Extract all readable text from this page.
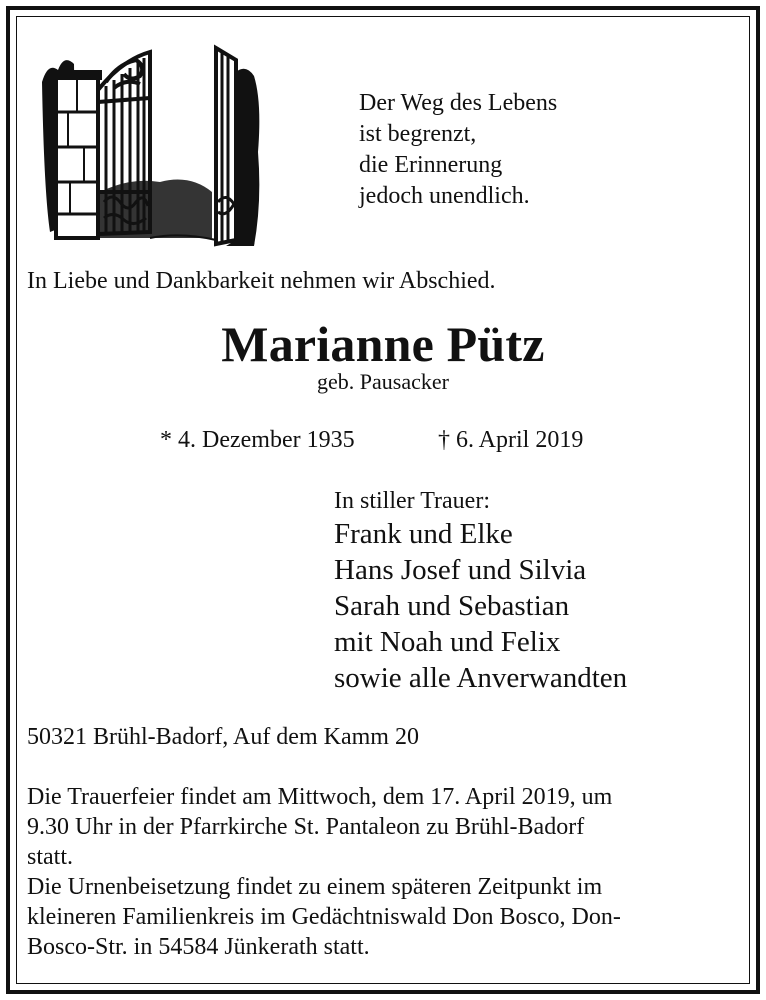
Der Weg des Lebens
ist begrenzt,
die Erinnerung
jedoch unendlich.
In Liebe und Dankbarkeit nehmen wir Abschied.
Marianne Pütz
geb. Pausacker
* 4. Dezember 1935	† 6. April 2019
In stiller Trauer:
Frank und Elke
Hans Josef und Silvia
Sarah und Sebastian
mit Noah und Felix
sowie alle Anverwandten
50321 Brühl-Badorf, Auf dem Kamm 20

Die Trauerfeier findet am Mittwoch, dem 17. April 2019, um

9.30 Uhr in der Pfarrkirche St. Pantaleon zu Brühl-Badorf

statt.

Die Urnenbeisetzung findet zu einem späteren Zeitpunkt im

kleineren Familienkreis im Gedächtniswald Don Bosco, Don-

Bosco-Str. in 54584 Jünkerath statt.
